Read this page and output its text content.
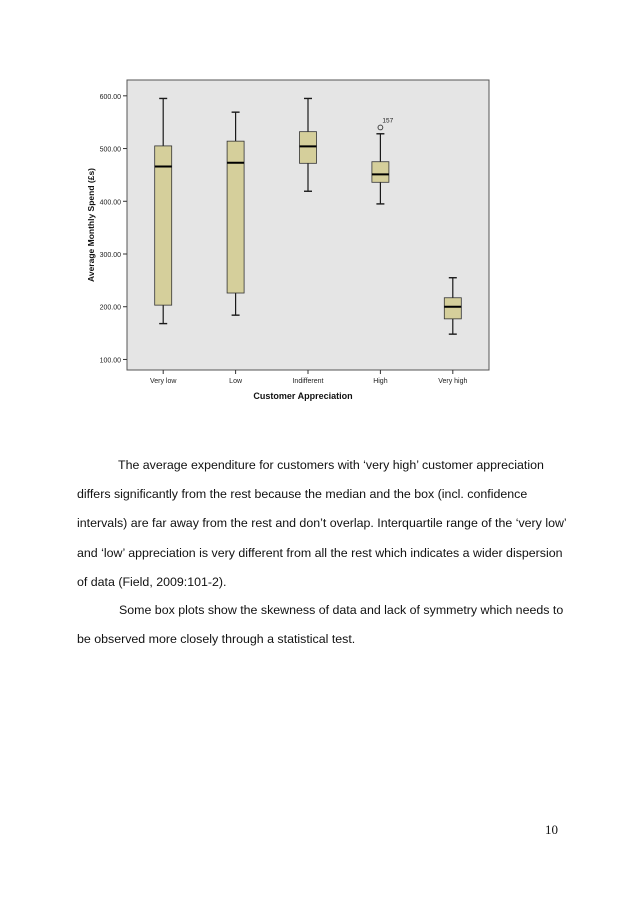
100.00
200.00
300.00
400.00
500.00
600.00
Very low	Low	Indifferent	High	Very high
157
Customer Appreciation
Average Monthly Spend (£s)

The average expenditure for customers with ‘very high’ customer appreciation differs significantly from the rest because the median and the box (incl. confidence intervals) are far away from the rest and don’t overlap. Interquartile range of the ‘very low’ and ‘low’ appreciation is very different from all the rest which indicates a wider dispersion of data (Field, 2009:101-2).

Some box plots show the skewness of data and lack of symmetry which needs to be observed more closely through a statistical test.

10
